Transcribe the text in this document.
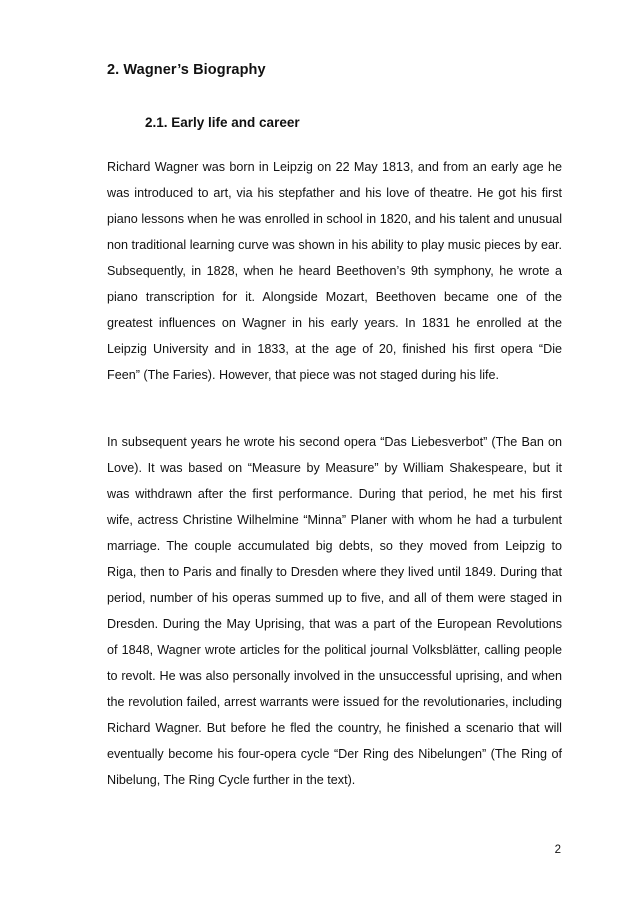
2. Wagner’s Biography
2.1. Early life and career

Richard Wagner was born in Leipzig on 22 May 1813, and from an early age he was introduced to art, via his stepfather and his love of theatre. He got his first piano lessons when he was enrolled in school in 1820, and his talent and unusual non traditional learning curve was shown in his ability to play music pieces by ear. Subsequently, in 1828, when he heard Beethoven’s 9th symphony, he wrote a piano transcription for it. Alongside Mozart, Beethoven became one of the greatest influences on Wagner in his early years. In 1831 he enrolled at the Leipzig University and in 1833, at the age of 20, finished his first opera “Die Feen” (The Faries). However, that piece was not staged during his life.

In subsequent years he wrote his second opera “Das Liebesverbot” (The Ban on Love). It was based on “Measure by Measure” by William Shakespeare, but it was withdrawn after the first performance. During that period, he met his first wife, actress Christine Wilhelmine “Minna” Planer with whom he had a turbulent marriage. The couple accumulated big debts, so they moved from Leipzig to Riga, then to Paris and finally to Dresden where they lived until 1849. During that period, number of his operas summed up to five, and all of them were staged in Dresden. During the May Uprising, that was a part of the European Revolutions of 1848, Wagner wrote articles for the political journal Volksblätter, calling people to revolt. He was also personally involved in the unsuccessful uprising, and when the revolution failed, arrest warrants were issued for the revolutionaries, including Richard Wagner. But before he fled the country, he finished a scenario that will eventually become his four-opera cycle “Der Ring des Nibelungen” (The Ring of Nibelung, The Ring Cycle further in the text).

2
